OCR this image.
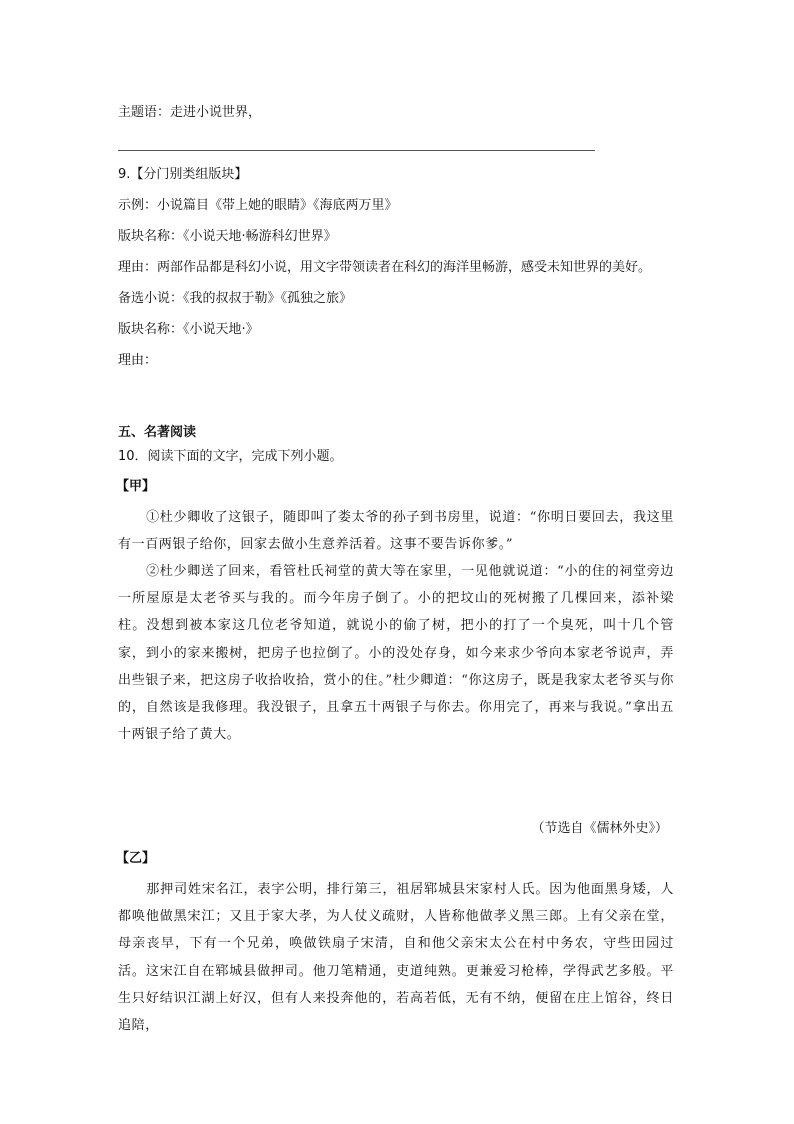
主题语：走进小说世界，
9.【分门别类组版块】
示例：小说篇目《带上她的眼睛》《海底两万里》
版块名称：《小说天地·畅游科幻世界》
理由：两部作品都是科幻小说，用文字带领读者在科幻的海洋里畅游，感受未知世界的美好。
备选小说：《我的叔叔于勒》《孤独之旅》
版块名称：《小说天地·》
理由：
五、名著阅读
10．阅读下面的文字，完成下列小题。
【甲】
①杜少卿收了这银子，随即叫了娄太爷的孙子到书房里，说道：“你明日要回去，我这里有一百两银子给你，回家去做小生意养活着。这事不要告诉你爹。”
②杜少卿送了回来，看管杜氏祠堂的黄大等在家里，一见他就说道：“小的住的祠堂旁边一所屋原是太老爷买与我的。而今年房子倒了。小的把坟山的死树搬了几棵回来，添补梁柱。没想到被本家这几位老爷知道，就说小的偷了树，把小的打了一个臭死，叫十几个管家，到小的家来搬树，把房子也拉倒了。小的没处存身，如今来求少爷向本家老爷说声，弄出些银子来，把这房子收拾收拾，赏小的住。”杜少卿道：“你这房子，既是我家太老爷买与你的，自然该是我修理。我没银子，且拿五十两银子与你去。你用完了，再来与我说。”拿出五十两银子给了黄大。
（节选自《儒林外史》）
【乙】
那押司姓宋名江，表字公明，排行第三，祖居郓城县宋家村人氏。因为他面黑身矮，人都唤他做黑宋江；又且于家大孝，为人仗义疏财，人皆称他做孝义黑三郎。上有父亲在堂，母亲丧早，下有一个兄弟，唤做铁扇子宋清，自和他父亲宋太公在村中务农，守些田园过活。这宋江自在郓城县做押司。他刀笔精通，吏道纯熟。更兼爱习枪棒，学得武艺多般。平生只好结识江湖上好汉，但有人来投奔他的，若高若低，无有不纳，便留在庄上馆谷，终日追陪，
